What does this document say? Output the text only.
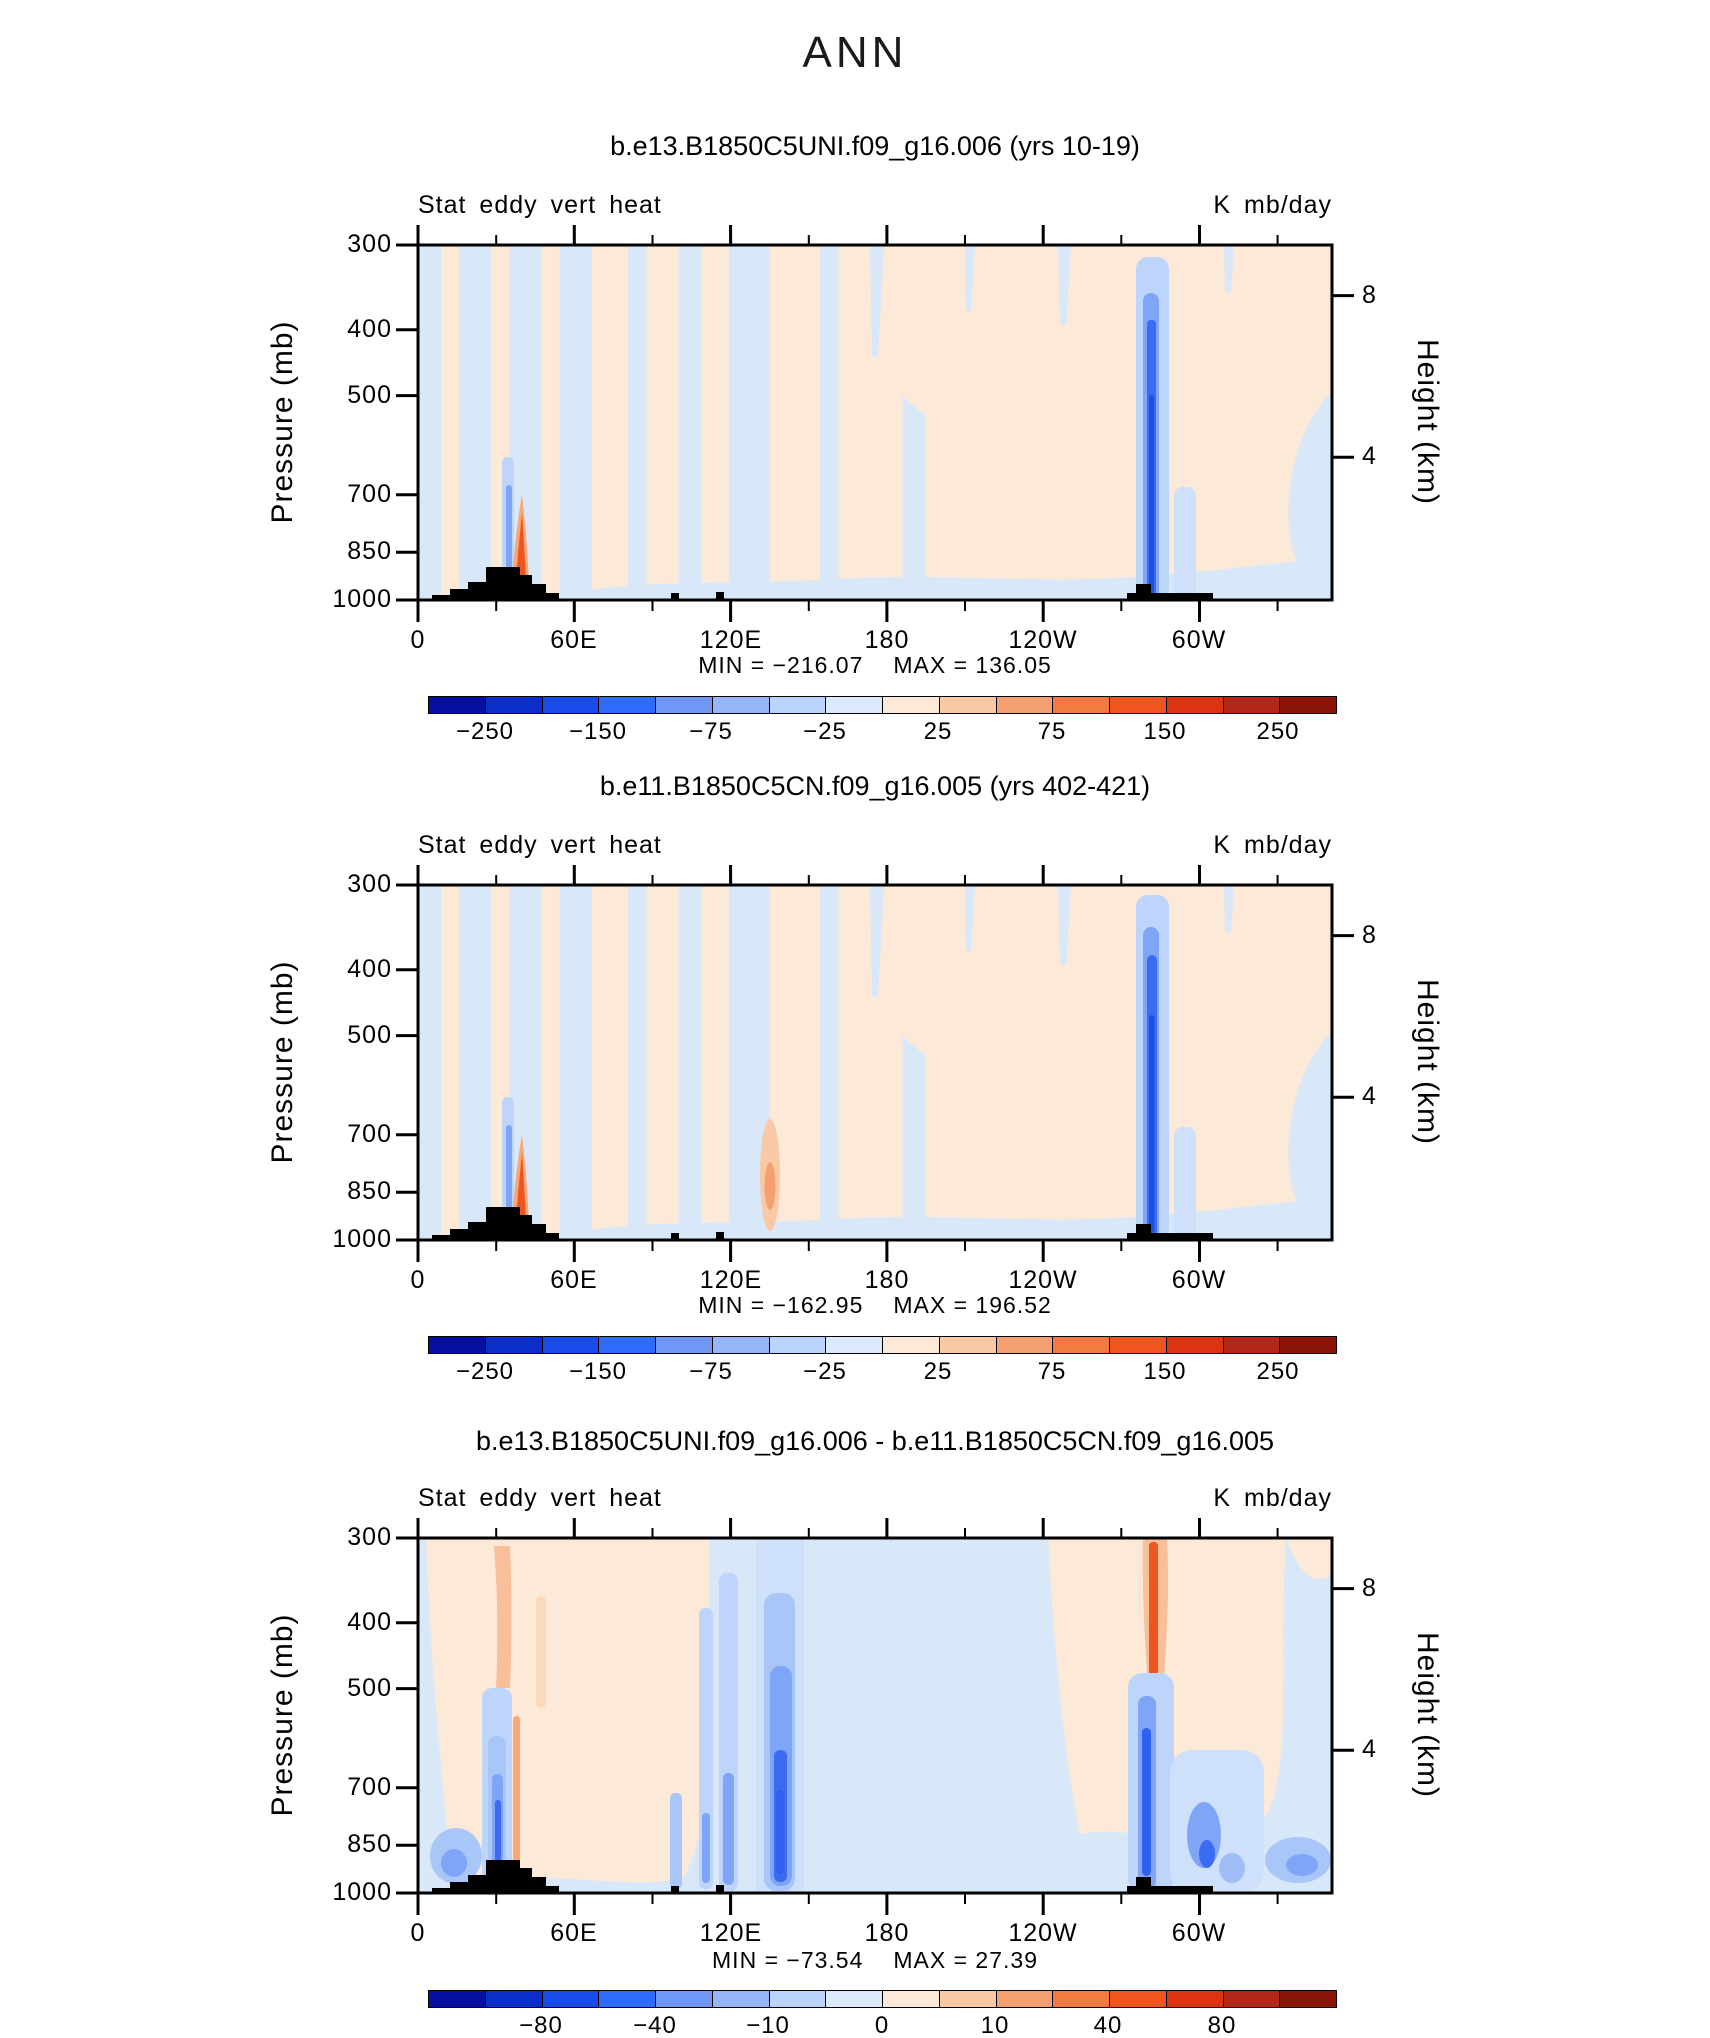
ANN
b.e13.B1850C5UNI.f09_g16.006 (yrs 10-19)
Stat eddy vert heat	K mb/day
Pressure (mb)	Height (km)
300
400
500
700
850
1000
8
4
0	60E	120E	180	120W	60W
MIN = −216.07 MAX = 136.05
−250	−150	−75	−25	25	75	150	250
b.e11.B1850C5CN.f09_g16.005 (yrs 402-421)
Stat eddy vert heat	K mb/day
Pressure (mb)	Height (km)
300
400
500
700
850
1000
8
4
0	60E	120E	180	120W	60W
MIN = −162.95 MAX = 196.52
−250	−150	−75	−25	25	75	150	250
b.e13.B1850C5UNI.f09_g16.006 - b.e11.B1850C5CN.f09_g16.005
Stat eddy vert heat	K mb/day
Pressure (mb)	Height (km)
300
400
500
700
850
1000
8
4
0	60E	120E	180	120W	60W
MIN = −73.54 MAX = 27.39
−80	−40	−10	0	10	40	80
